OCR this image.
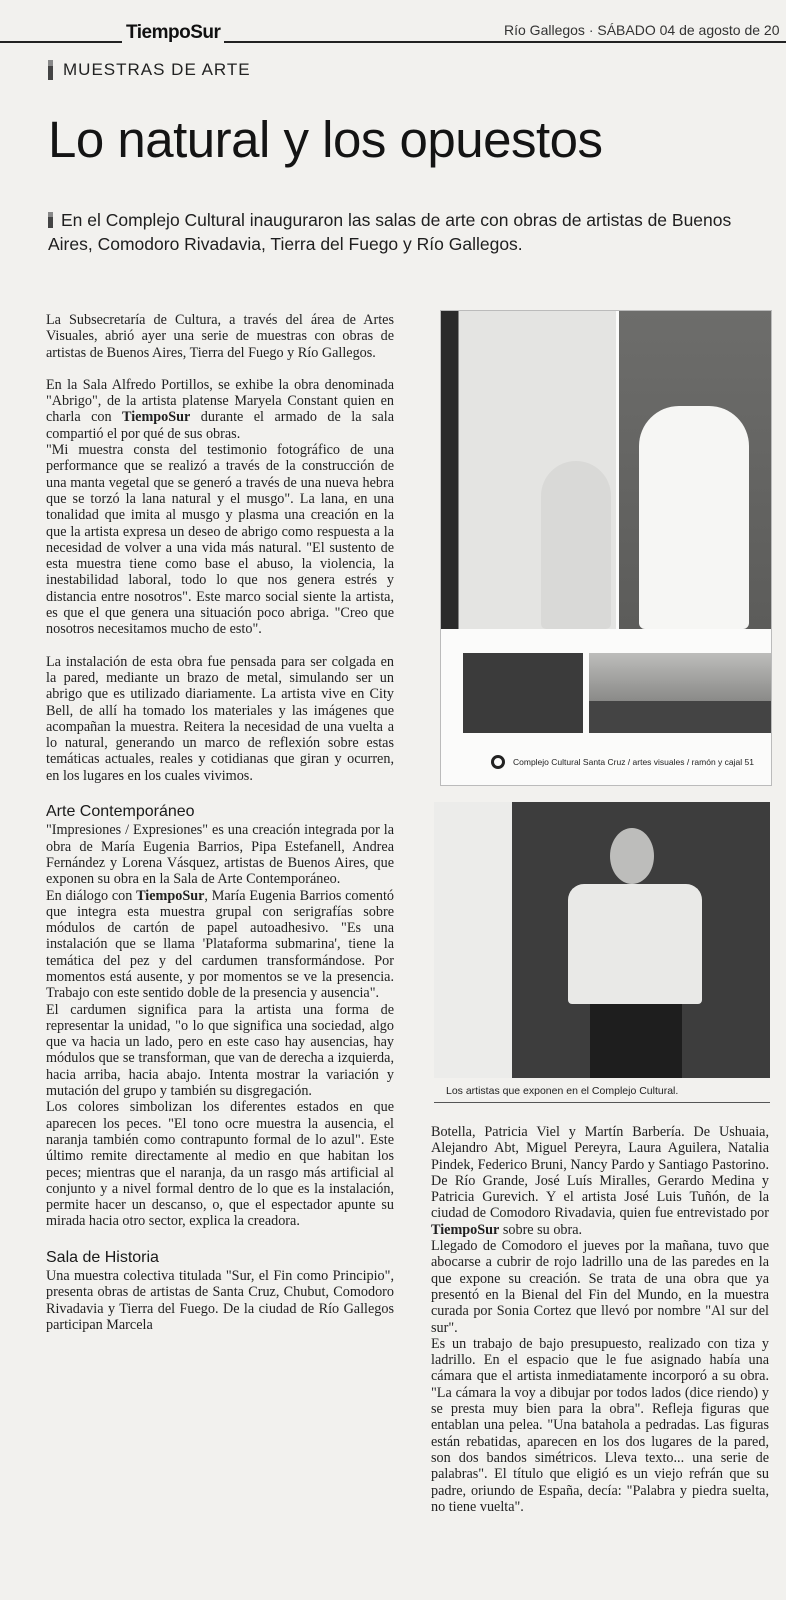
TiempoSur	Río Gallegos · SÁBADO 04 de agosto de 20
MUESTRAS DE ARTE
Lo natural y los opuestos

En el Complejo Cultural inauguraron las salas de arte con obras de artistas de Buenos Aires, Comodoro Rivadavia, Tierra del Fuego y Río Gallegos.

La Subsecretaría de Cultura, a través del área de Artes Visuales, abrió ayer una serie de muestras con obras de artistas de Buenos Aires, Tierra del Fuego y Río Gallegos.

En la Sala Alfredo Portillos, se exhibe la obra denominada "Abrigo", de la artista platense Maryela Constant quien en charla con TiempoSur durante el armado de la sala compartió el por qué de sus obras.

"Mi muestra consta del testimonio fotográfico de una performance que se realizó a través de la construcción de una manta vegetal que se generó a través de una nueva hebra que se torzó la lana natural y el musgo". La lana, en una tonalidad que imita al musgo y plasma una creación en la que la artista expresa un deseo de abrigo como respuesta a la necesidad de volver a una vida más natural. "El sustento de esta muestra tiene como base el abuso, la violencia, la inestabilidad laboral, todo lo que nos genera estrés y distancia entre nosotros". Este marco social siente la artista, es que el que genera una situación poco abriga. "Creo que nosotros necesitamos mucho de esto".

La instalación de esta obra fue pensada para ser colgada en la pared, mediante un brazo de metal, simulando ser un abrigo que es utilizado diariamente. La artista vive en City Bell, de allí ha tomado los materiales y las imágenes que acompañan la muestra. Reitera la necesidad de una vuelta a lo natural, generando un marco de reflexión sobre estas temáticas actuales, reales y cotidianas que giran y ocurren, en los lugares en los cuales vivimos.

Arte Contemporáneo

"Impresiones / Expresiones" es una creación integrada por la obra de María Eugenia Barrios, Pipa Estefanell, Andrea Fernández y Lorena Vásquez, artistas de Buenos Aires, que exponen su obra en la Sala de Arte Contemporáneo.

En diálogo con TiempoSur, María Eugenia Barrios comentó que integra esta muestra grupal con serigrafías sobre módulos de cartón de papel autoadhesivo. "Es una instalación que se llama 'Plataforma submarina', tiene la temática del pez y del cardumen transformándose. Por momentos está ausente, y por momentos se ve la presencia. Trabajo con este sentido doble de la presencia y ausencia".

El cardumen significa para la artista una forma de representar la unidad, "o lo que significa una sociedad, algo que va hacia un lado, pero en este caso hay ausencias, hay módulos que se transforman, que van de derecha a izquierda, hacia arriba, hacia abajo. Intenta mostrar la variación y mutación del grupo y también su disgregación.

Los colores simbolizan los diferentes estados en que aparecen los peces. "El tono ocre muestra la ausencia, el naranja también como contrapunto formal de lo azul". Este último remite directamente al medio en que habitan los peces; mientras que el naranja, da un rasgo más artificial al conjunto y a nivel formal dentro de lo que es la instalación, permite hacer un descanso, o, que el espectador apunte su mirada hacia otro sector, explica la creadora.

Sala de Historia

Una muestra colectiva titulada "Sur, el Fin como Principio", presenta obras de artistas de Santa Cruz, Chubut, Comodoro Rivadavia y Tierra del Fuego. De la ciudad de Río Gallegos participan Marcela

Complejo Cultural Santa Cruz / artes visuales / ramón y cajal 51
Los artistas que exponen en el Complejo Cultural.

Botella, Patricia Viel y Martín Barbería. De Ushuaia, Alejandro Abt, Miguel Pereyra, Laura Aguilera, Natalia Pindek, Federico Bruni, Nancy Pardo y Santiago Pastorino. De Río Grande, José Luís Miralles, Gerardo Medina y Patricia Gurevich. Y el artista José Luis Tuñón, de la ciudad de Comodoro Rivadavia, quien fue entrevistado por TiempoSur sobre su obra.

Llegado de Comodoro el jueves por la mañana, tuvo que abocarse a cubrir de rojo ladrillo una de las paredes en la que expone su creación. Se trata de una obra que ya presentó en la Bienal del Fin del Mundo, en la muestra curada por Sonia Cortez que llevó por nombre "Al sur del sur".

Es un trabajo de bajo presupuesto, realizado con tiza y ladrillo. En el espacio que le fue asignado había una cámara que el artista inmediatamente incorporó a su obra. "La cámara la voy a dibujar por todos lados (dice riendo) y se presta muy bien para la obra". Refleja figuras que entablan una pelea. "Una batahola a pedradas. Las figuras están rebatidas, aparecen en los dos lugares de la pared, son dos bandos simétricos. Lleva texto... una serie de palabras". El título que eligió es un viejo refrán que su padre, oriundo de España, decía: "Palabra y piedra suelta, no tiene vuelta".
